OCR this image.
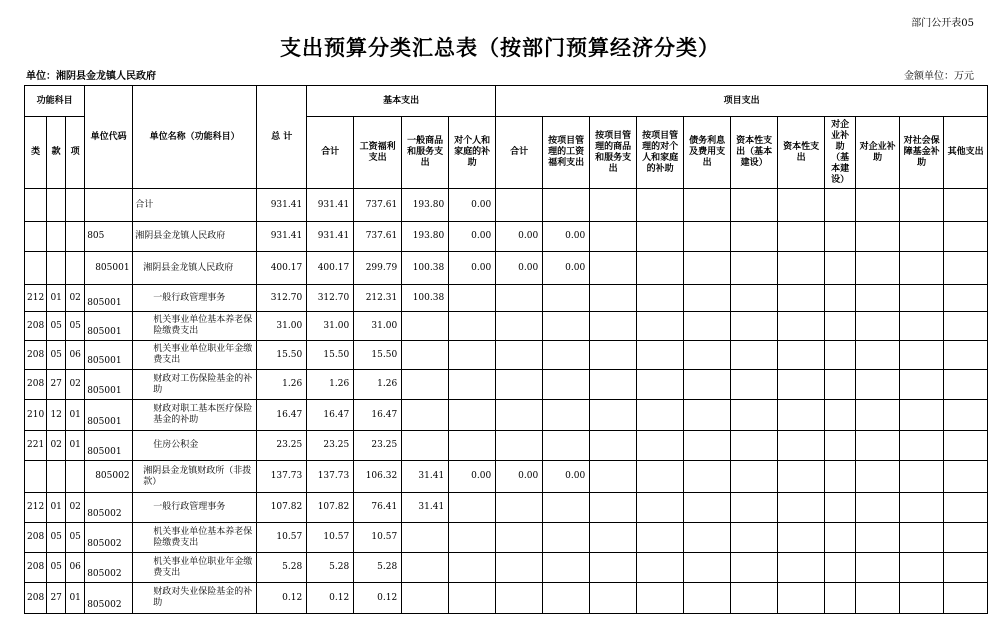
部门公开表05
支出预算分类汇总表（按部门预算经济分类）
单位：湘阴县金龙镇人民政府	金额单位：万元
功能科目			单位代码	单位名称（功能科目）	总 计	基本支出				项目支出										
类	款	项				合计	工资福利支出	一般商品和服务支出	对个人和家庭的补助	合计	按项目管理的工资福利支出	按项目管理的商品和服务支出	按项目管理的对个人和家庭的补助	债务利息及费用支出	资本性支出（基本建设）	资本性支出	对企业补助（基本建设）	对企业补助	对社会保障基金补助	其他支出
				合计	931.41	931.41	737.61	193.80	0.00											
			805	湘阴县金龙镇人民政府	931.41	931.41	737.61	193.80	0.00	0.00	0.00									
			805001	湘阴县金龙镇人民政府	400.17	400.17	299.79	100.38	0.00	0.00	0.00									
212	01	02	805001	一般行政管理事务	312.70	312.70	212.31	100.38												
208	05	05	805001	机关事业单位基本养老保险缴费支出	31.00	31.00	31.00													
208	05	06	805001	机关事业单位职业年金缴费支出	15.50	15.50	15.50													
208	27	02	805001	财政对工伤保险基金的补助	1.26	1.26	1.26													
210	12	01	805001	财政对职工基本医疗保险基金的补助	16.47	16.47	16.47													
221	02	01	805001	住房公积金	23.25	23.25	23.25													
			805002	湘阴县金龙镇财政所（非拨款）	137.73	137.73	106.32	31.41	0.00	0.00	0.00									
212	01	02	805002	一般行政管理事务	107.82	107.82	76.41	31.41												
208	05	05	805002	机关事业单位基本养老保险缴费支出	10.57	10.57	10.57													
208	05	06	805002	机关事业单位职业年金缴费支出	5.28	5.28	5.28													
208	27	01	805002	财政对失业保险基金的补助	0.12	0.12	0.12													
